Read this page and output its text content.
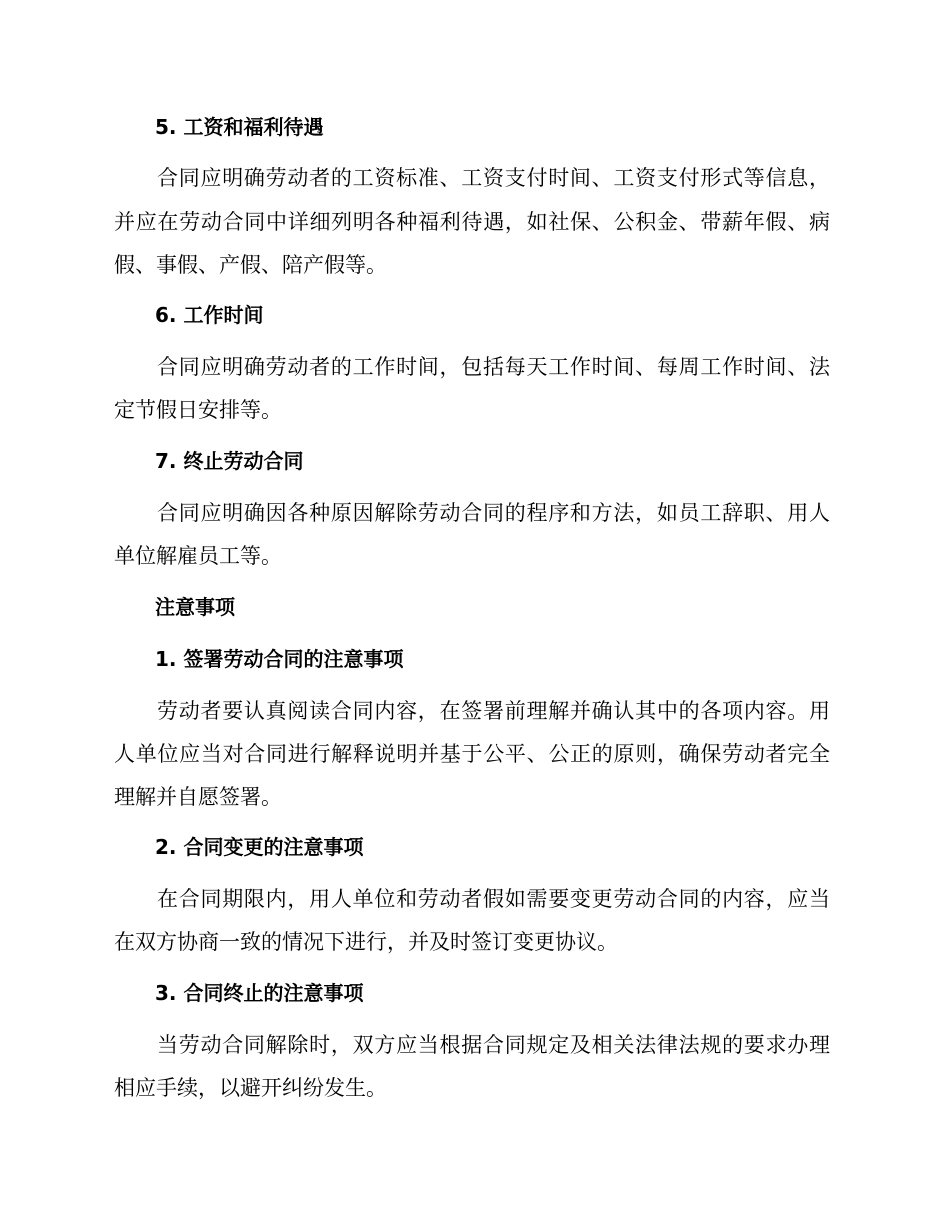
5. 工资和福利待遇
合同应明确劳动者的工资标准、工资支付时间、工资支付形式等信息，
并应在劳动合同中详细列明各种福利待遇，如社保、公积金、带薪年假、病
假、事假、产假、陪产假等。
6. 工作时间
合同应明确劳动者的工作时间，包括每天工作时间、每周工作时间、法
定节假日安排等。
7. 终止劳动合同
合同应明确因各种原因解除劳动合同的程序和方法，如员工辞职、用人
单位解雇员工等。
注意事项
1. 签署劳动合同的注意事项
劳动者要认真阅读合同内容，在签署前理解并确认其中的各项内容。用
人单位应当对合同进行解释说明并基于公平、公正的原则，确保劳动者完全
理解并自愿签署。
2. 合同变更的注意事项
在合同期限内，用人单位和劳动者假如需要变更劳动合同的内容，应当
在双方协商一致的情况下进行，并及时签订变更协议。
3. 合同终止的注意事项
当劳动合同解除时，双方应当根据合同规定及相关法律法规的要求办理
相应手续，以避开纠纷发生。
